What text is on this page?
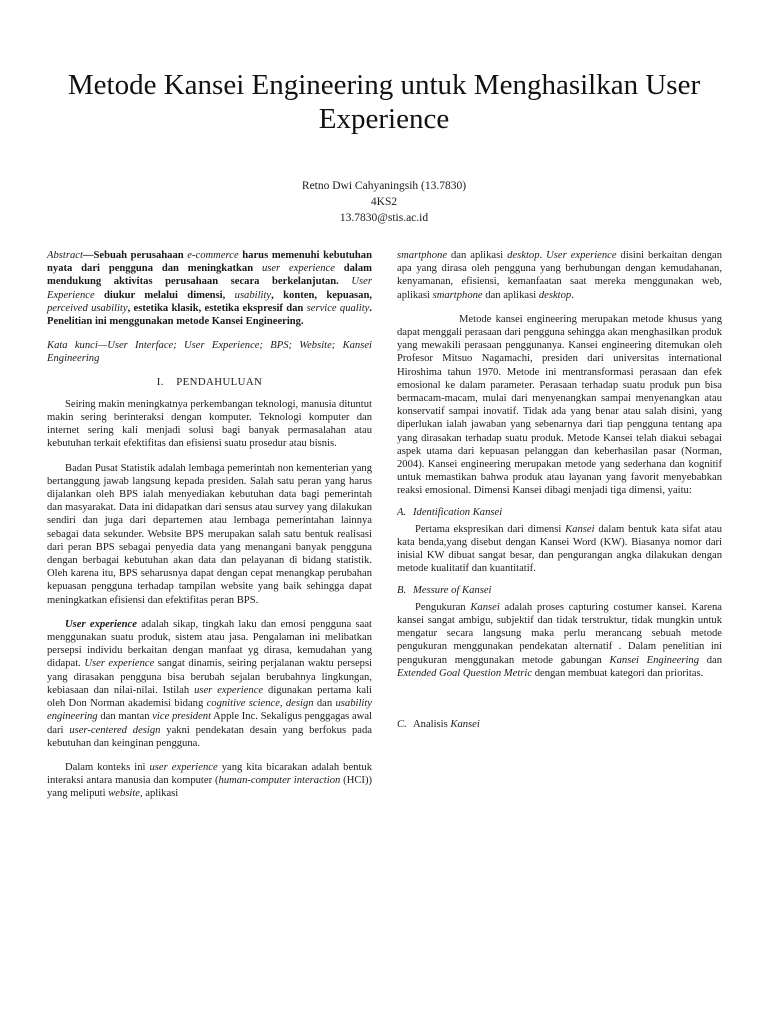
Metode Kansei Engineering untuk Menghasilkan User Experience
Retno Dwi Cahyaningsih (13.7830)
4KS2
13.7830@stis.ac.id

Abstract—Sebuah perusahaan e-commerce harus memenuhi kebutuhan nyata dari pengguna dan meningkatkan user experience dalam mendukung aktivitas perusahaan secara berkelanjutan. User Experience diukur melalui dimensi, usability, konten, kepuasan, perceived usability, estetika klasik, estetika ekspresif dan service quality. Penelitian ini menggunakan metode Kansei Engineering.

Kata kunci—User Interface; User Experience; BPS; Website; Kansei Engineering

I. PENDAHULUAN

Seiring makin meningkatnya perkembangan teknologi, manusia dituntut makin sering berinteraksi dengan komputer. Teknologi komputer dan internet sering kali menjadi solusi bagi banyak permasalahan atau kebutuhan terkait efektifitas dan efisiensi suatu prosedur atau bisnis.

Badan Pusat Statistik adalah lembaga pemerintah non kementerian yang bertanggung jawab langsung kepada presiden. Salah satu peran yang harus dijalankan oleh BPS ialah menyediakan kebutuhan data bagi pemerintah dan masyarakat. Data ini didapatkan dari sensus atau survey yang dilakukan sendiri dan juga dari departemen atau lembaga pemerintahan lainnya sebagai data sekunder. Website BPS merupakan salah satu bentuk realisasi dari peran BPS sebagai penyedia data yang menangani banyak pengguna dengan berbagai kebutuhan akan data dan pelayanan di bidang statistik. Oleh karena itu, BPS seharusnya dapat dengan cepat menangkap perubahan kepuasan pengguna terhadap tampilan website yang baik sehingga dapat meningkatkan efisiensi dan efektifitas peran BPS.

User experience adalah sikap, tingkah laku dan emosi pengguna saat menggunakan suatu produk, sistem atau jasa. Pengalaman ini melibatkan persepsi individu berkaitan dengan manfaat yg dirasa, kemudahan yang didapat. User experience sangat dinamis, seiring perjalanan waktu persepsi yang dirasakan pengguna bisa berubah sejalan berubahnya lingkungan, kebiasaan dan nilai-nilai. Istilah user experience digunakan pertama kali oleh Don Norman akademisi bidang cognitive science, design dan usability engineering dan mantan vice president Apple Inc. Sekaligus penggagas awal dari user-centered design yakni pendekatan desain yang berfokus pada kebutuhan dan keinginan pengguna.

Dalam konteks ini user experience yang kita bicarakan adalah bentuk interaksi antara manusia dan komputer (human-computer interaction (HCI)) yang meliputi website, aplikasi

smartphone dan aplikasi desktop. User experience disini berkaitan dengan apa yang dirasa oleh pengguna yang berhubungan dengan kemudahanan, kenyamanan, efisiensi, kemanfaatan saat mereka menggunakan web, aplikasi smartphone dan aplikasi desktop.

Metode kansei engineering merupakan metode khusus yang dapat menggali perasaan dari pengguna sehingga akan menghasilkan produk yang mewakili perasaan penggunanya. Kansei engineering ditemukan oleh Profesor Mitsuo Nagamachi, presiden dari universitas international Hiroshima tahun 1970. Metode ini mentransformasi perasaan dan efek emosional ke dalam parameter. Perasaan terhadap suatu produk pun bisa bermacam-macam, mulai dari menyenangkan sampai menyenangkan atau konservatif sampai inovatif. Tidak ada yang benar atau salah disini, yang diperlukan ialah jawaban yang sebenarnya dari tiap pengguna tentang apa yang dirasakan terhadap suatu produk. Metode Kansei telah diakui sebagai aspek utama dari kepuasan pelanggan dan keberhasilan pasar (Norman, 2004). Kansei engineering merupakan metode yang sederhana dan kognitif untuk memastikan bahwa produk atau layanan yang favorit menyebabkan reaksi emosional. Dimensi Kansei dibagi menjadi tiga dimensi, yaitu:

A. Identification Kansei

Pertama ekspresikan dari dimensi Kansei dalam bentuk kata sifat atau kata benda,yang disebut dengan Kansei Word (KW). Biasanya nomor dari inisial KW dibuat sangat besar, dan pengurangan angka dilakukan dengan metode kualitatif dan kuantitatif.

B. Messure of Kansei

Pengukuran Kansei adalah proses capturing costumer kansei. Karena kansei sangat ambigu, subjektif dan tidak terstruktur, tidak mungkin untuk mengatur secara langsung maka perlu merancang sebuah metode pengukuran menggunakan pendekatan alternatif . Dalam penelitian ini pengukuran menggunakan metode gabungan Kansei Engineering dan Extended Goal Question Metric dengan membuat kategori dan prioritas.

C. Analisis Kansei
